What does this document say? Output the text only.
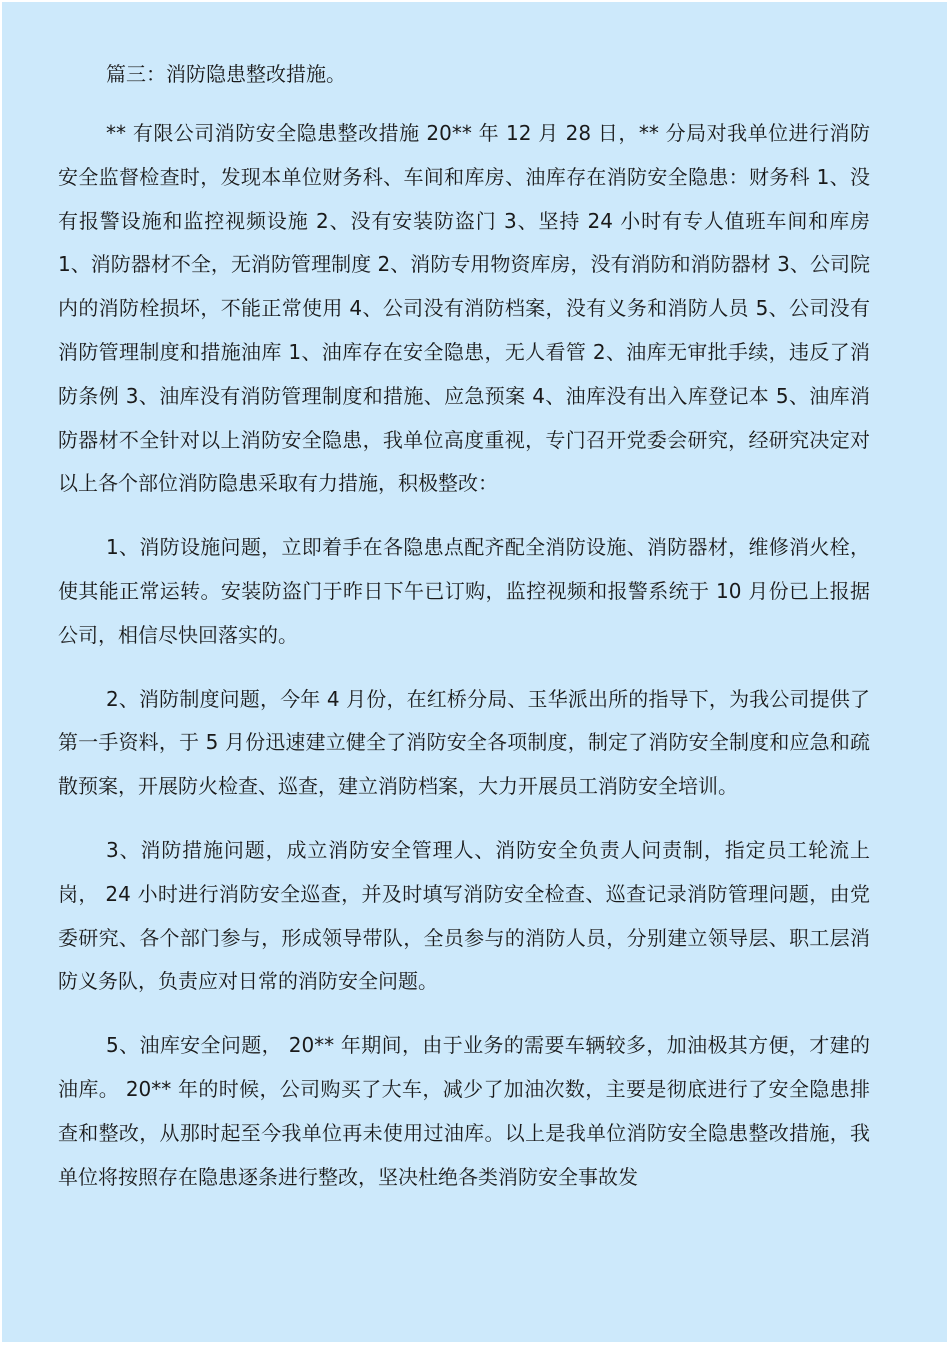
篇三：消防隐患整改措施。

** 有限公司消防安全隐患整改措施 20** 年 12 月 28 日，** 分局对我单位进行消防安全监督检查时，发现本单位财务科、车间和库房、油库存在消防安全隐患：财务科 1、没有报警设施和监控视频设施 2、没有安装防盗门 3、坚持 24 小时有专人值班车间和库房 1、消防器材不全，无消防管理制度 2、消防专用物资库房，没有消防和消防器材 3、公司院内的消防栓损坏，不能正常使用 4、公司没有消防档案，没有义务和消防人员 5、公司没有消防管理制度和措施油库 1、油库存在安全隐患，无人看管 2、油库无审批手续，违反了消防条例 3、油库没有消防管理制度和措施、应急预案 4、油库没有出入库登记本 5、油库消防器材不全针对以上消防安全隐患，我单位高度重视，专门召开党委会研究，经研究决定对以上各个部位消防隐患采取有力措施，积极整改：

1、消防设施问题，立即着手在各隐患点配齐配全消防设施、消防器材，维修消火栓，使其能正常运转。安装防盗门于昨日下午已订购，监控视频和报警系统于 10 月份已上报据公司，相信尽快回落实的。

2、消防制度问题，今年 4 月份，在红桥分局、玉华派出所的指导下，为我公司提供了第一手资料，于 5 月份迅速建立健全了消防安全各项制度，制定了消防安全制度和应急和疏散预案，开展防火检查、巡查，建立消防档案，大力开展员工消防安全培训。

3、消防措施问题，成立消防安全管理人、消防安全负责人问责制，指定员工轮流上岗， 24 小时进行消防安全巡查，并及时填写消防安全检查、巡查记录消防管理问题，由党委研究、各个部门参与，形成领导带队，全员参与的消防人员，分别建立领导层、职工层消防义务队，负责应对日常的消防安全问题。

5、油库安全问题， 20** 年期间，由于业务的需要车辆较多，加油极其方便，才建的油库。 20** 年的时候，公司购买了大车，减少了加油次数，主要是彻底进行了安全隐患排查和整改，从那时起至今我单位再未使用过油库。以上是我单位消防安全隐患整改措施，我单位将按照存在隐患逐条进行整改，坚决杜绝各类消防安全事故发
